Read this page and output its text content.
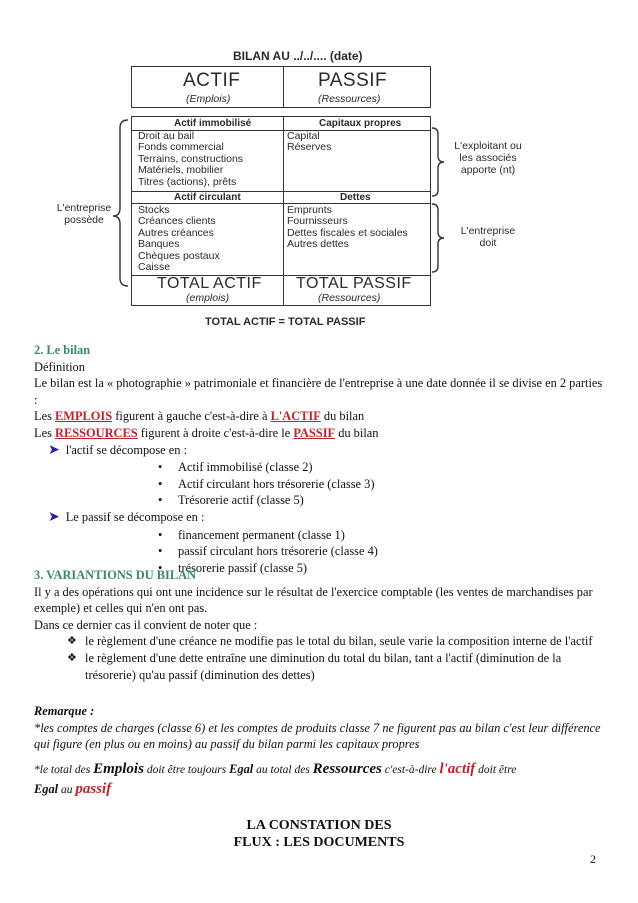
BILAN AU ../../.... (date)
ACTIF
(Emplois)
PASSIF
(Ressources)
Actif immobilisé	Capitaux propres
Droit au bail
Fonds commercial
Terrains, constructions
Matériels, mobilier
Titres (actions), prêts
Capital
Réserves
Actif circulant	Dettes
Stocks
Créances clients
Autres créances
Banques
Chèques postaux
Caisse
Emprunts
Fournisseurs
Dettes fiscales et sociales
Autres dettes
TOTAL ACTIF
(emplois)
TOTAL PASSIF
(Ressources)
L'entreprise
possède
L'exploitant ou
les associés
apporte (nt)
L'entreprise
doit
TOTAL ACTIF = TOTAL PASSIF
2. Le bilan
Définition
Le bilan est la « photographie » patrimoniale et financière de l'entreprise à une date donnée il se divise en 2 parties :
Les EMPLOIS figurent à gauche c'est-à-dire à L'ACTIF du bilan
Les RESSOURCES figurent à droite c'est-à-dire le PASSIF du bilan
➤ l'actif se décompose en :
• Actif immobilisé (classe 2)
• Actif circulant hors trésorerie (classe 3)
• Trésorerie actif (classe 5)
➤ Le passif se décompose en :
• financement permanent (classe 1)
• passif circulant hors trésorerie (classe 4)
• trésorerie passif (classe 5)
3. VARIANTIONS DU BILAN
Il y a des opérations qui ont une incidence sur le résultat de l'exercice comptable (les ventes de marchandises par exemple) et celles qui n'en ont pas.
Dans ce dernier cas il convient de noter que :
❖ le règlement d'une créance ne modifie pas le total du bilan, seule varie la composition interne de l'actif
❖ le règlement d'une dette entraîne une diminution du total du bilan, tant a l'actif (diminution de la trésorerie) qu'au passif (diminution des dettes)
Remarque :
*les comptes de charges (classe 6) et les comptes de produits classe 7 ne figurent pas au bilan c'est leur différence qui figure (en plus ou en moins) au passif du bilan parmi les capitaux propres
*le total des Emplois doit être toujours Egal au total des Ressources c'est-à-dire l'actif doit être
Egal au passif
LA CONSTATION DES
FLUX : LES DOCUMENTS
2
